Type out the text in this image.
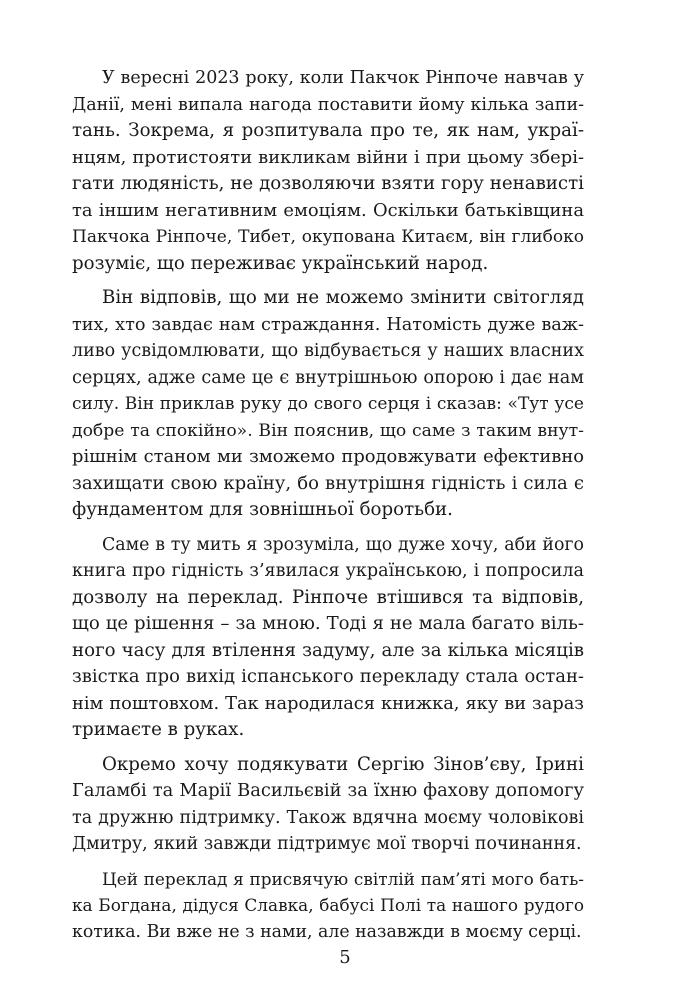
У вересні 2023 року, коли Пакчок Рінпоче навчав у
Данії, мені випала нагода поставити йому кілька запи-
тань. Зокрема, я розпитувала про те, як нам, украї-
нцям, протистояти викликам війни і при цьому збері-
гати людяність, не дозволяючи взяти гору ненависті
та іншим негативним емоціям. Оскільки батьківщина
Пакчока Рінпоче, Тибет, окупована Китаєм, він глибоко
розуміє, що переживає український народ.
Він відповів, що ми не можемо змінити світогляд
тих, хто завдає нам страждання. Натомість дуже важ-
ливо усвідомлювати, що відбувається у наших власних
серцях, адже саме це є внутрішньою опорою і дає нам
силу. Він приклав руку до свого серця і сказав: «Тут усе
добре та спокійно». Він пояснив, що саме з таким внут-
рішнім станом ми зможемо продовжувати ефективно
захищати свою країну, бо внутрішня гідність і сила є
фундаментом для зовнішньої боротьби.
Саме в ту мить я зрозуміла, що дуже хочу, аби його
книга про гідність з’явилася українською, і попросила
дозволу на переклад. Рінпоче втішився та відповів,
що це рішення – за мною. Тоді я не мала багато віль-
ного часу для втілення задуму, але за кілька місяців
звістка про вихід іспанського перекладу стала остан-
нім поштовхом. Так народилася книжка, яку ви зараз
тримаєте в руках.
Окремо хочу подякувати Сергію Зінов’єву, Ірині
Галамбі та Марії Васильєвій за їхню фахову допомогу
та дружню підтримку. Також вдячна моєму чоловікові
Дмитру, який завжди підтримує мої творчі починання.
Цей переклад я присвячую світлій пам’яті мого бать-
ка Богдана, дідуся Славка, бабусі Полі та нашого рудого
котика. Ви вже не з нами, але назавжди в моєму серці.
5
